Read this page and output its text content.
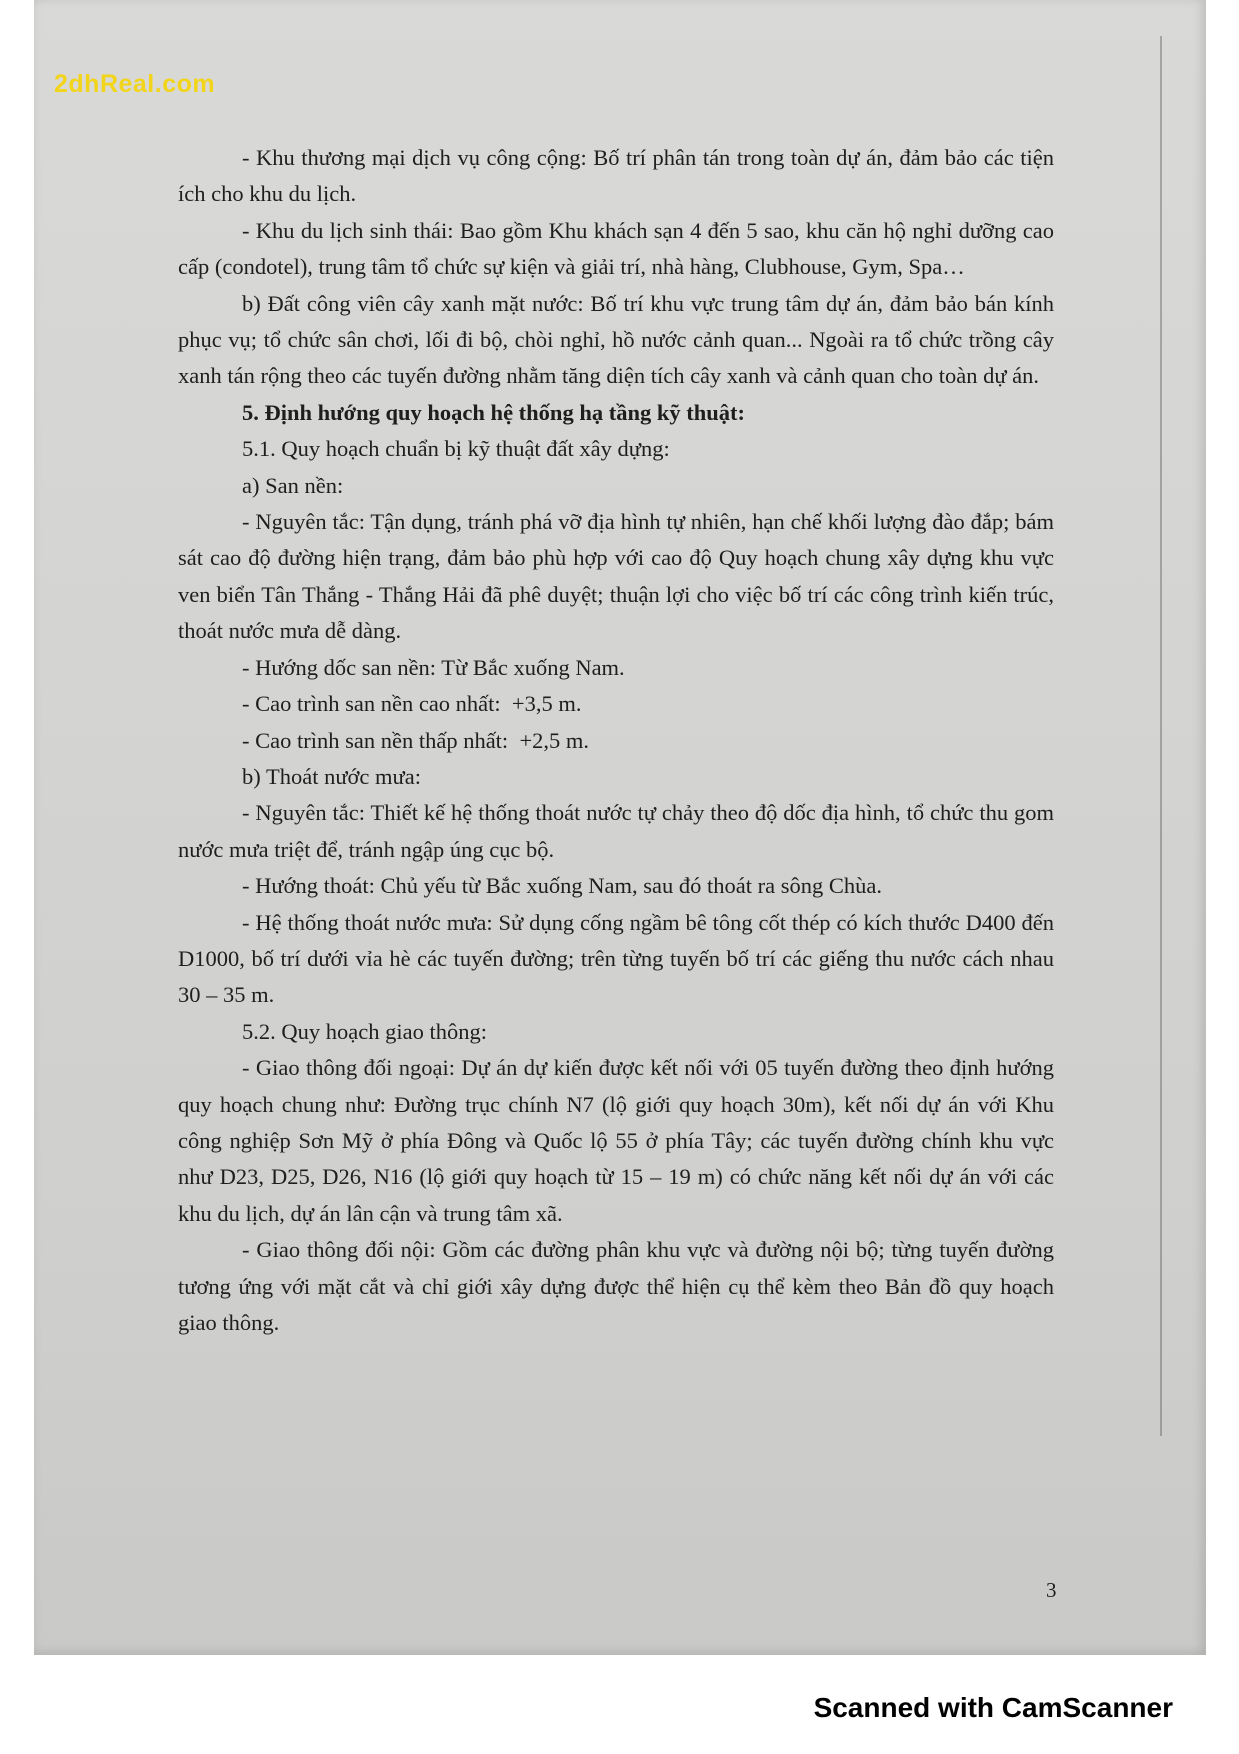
2dhReal.com

- Khu thương mại dịch vụ công cộng: Bố trí phân tán trong toàn dự án, đảm bảo các tiện ích cho khu du lịch.

- Khu du lịch sinh thái: Bao gồm Khu khách sạn 4 đến 5 sao, khu căn hộ nghỉ dưỡng cao cấp (condotel), trung tâm tổ chức sự kiện và giải trí, nhà hàng, Clubhouse, Gym, Spa…

b) Đất công viên cây xanh mặt nước: Bố trí khu vực trung tâm dự án, đảm bảo bán kính phục vụ; tổ chức sân chơi, lối đi bộ, chòi nghỉ, hồ nước cảnh quan... Ngoài ra tổ chức trồng cây xanh tán rộng theo các tuyến đường nhằm tăng diện tích cây xanh và cảnh quan cho toàn dự án.

5. Định hướng quy hoạch hệ thống hạ tầng kỹ thuật:

5.1. Quy hoạch chuẩn bị kỹ thuật đất xây dựng:

a) San nền:

- Nguyên tắc: Tận dụng, tránh phá vỡ địa hình tự nhiên, hạn chế khối lượng đào đắp; bám sát cao độ đường hiện trạng, đảm bảo phù hợp với cao độ Quy hoạch chung xây dựng khu vực ven biển Tân Thắng - Thắng Hải đã phê duyệt; thuận lợi cho việc bố trí các công trình kiến trúc, thoát nước mưa dễ dàng.

- Hướng dốc san nền: Từ Bắc xuống Nam.

- Cao trình san nền cao nhất:  +3,5 m.

- Cao trình san nền thấp nhất:  +2,5 m.

b) Thoát nước mưa:

- Nguyên tắc: Thiết kế hệ thống thoát nước tự chảy theo độ dốc địa hình, tổ chức thu gom nước mưa triệt để, tránh ngập úng cục bộ.

- Hướng thoát: Chủ yếu từ Bắc xuống Nam, sau đó thoát ra sông Chùa.

- Hệ thống thoát nước mưa: Sử dụng cống ngầm bê tông cốt thép có kích thước D400 đến D1000, bố trí dưới vỉa hè các tuyến đường; trên từng tuyến bố trí các giếng thu nước cách nhau 30 – 35 m.

5.2. Quy hoạch giao thông:

- Giao thông đối ngoại: Dự án dự kiến được kết nối với 05 tuyến đường theo định hướng quy hoạch chung như: Đường trục chính N7 (lộ giới quy hoạch 30m), kết nối dự án với Khu công nghiệp Sơn Mỹ ở phía Đông và Quốc lộ 55 ở phía Tây; các tuyến đường chính khu vực như D23, D25, D26, N16 (lộ giới quy hoạch từ 15 – 19 m) có chức năng kết nối dự án với các khu du lịch, dự án lân cận và trung tâm xã.

- Giao thông đối nội: Gồm các đường phân khu vực và đường nội bộ; từng tuyến đường tương ứng với mặt cắt và chỉ giới xây dựng được thể hiện cụ thể kèm theo Bản đồ quy hoạch giao thông.

3
Scanned with CamScanner
